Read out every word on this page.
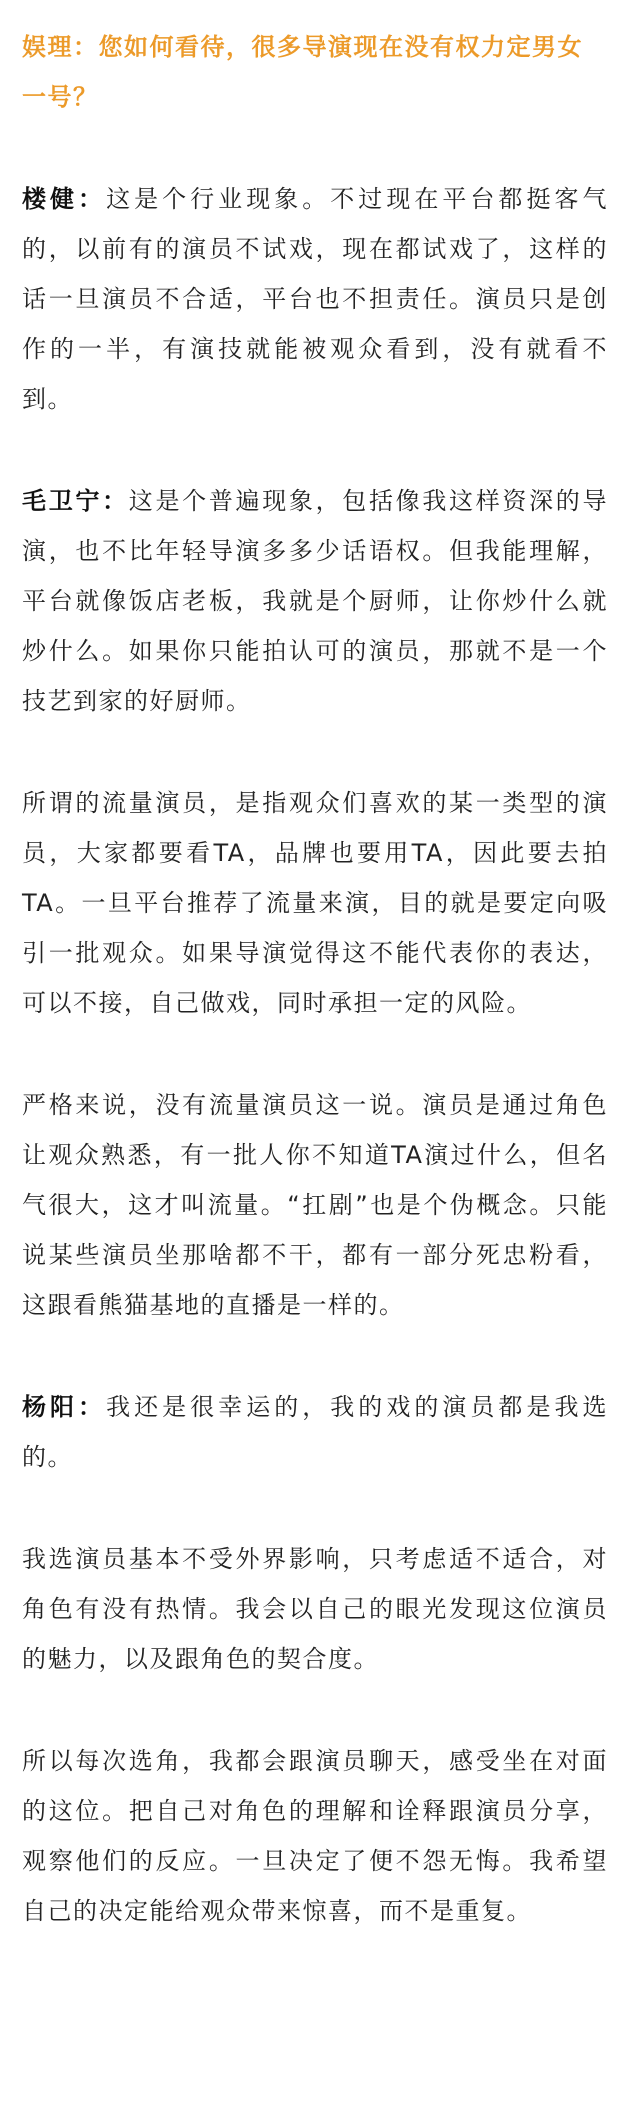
娱理：您如何看待，很多导演现在没有权力定男女一号？
楼健：这是个行业现象。不过现在平台都挺客气的，以前有的演员不试戏，现在都试戏了，这样的话一旦演员不合适，平台也不担责任。演员只是创作的一半，有演技就能被观众看到，没有就看不到。
毛卫宁：这是个普遍现象，包括像我这样资深的导演，也不比年轻导演多多少话语权。但我能理解，平台就像饭店老板，我就是个厨师，让你炒什么就炒什么。如果你只能拍认可的演员，那就不是一个技艺到家的好厨师。
所谓的流量演员，是指观众们喜欢的某一类型的演员，大家都要看TA，品牌也要用TA，因此要去拍TA。一旦平台推荐了流量来演，目的就是要定向吸引一批观众。如果导演觉得这不能代表你的表达，可以不接，自己做戏，同时承担一定的风险。
严格来说，没有流量演员这一说。演员是通过角色让观众熟悉，有一批人你不知道TA演过什么，但名气很大，这才叫流量。“扛剧”也是个伪概念。只能说某些演员坐那啥都不干，都有一部分死忠粉看，这跟看熊猫基地的直播是一样的。
杨阳：我还是很幸运的，我的戏的演员都是我选的。
我选演员基本不受外界影响，只考虑适不适合，对角色有没有热情。我会以自己的眼光发现这位演员的魅力，以及跟角色的契合度。
所以每次选角，我都会跟演员聊天，感受坐在对面的这位。把自己对角色的理解和诠释跟演员分享，观察他们的反应。一旦决定了便不怨无悔。我希望自己的决定能给观众带来惊喜，而不是重复。
